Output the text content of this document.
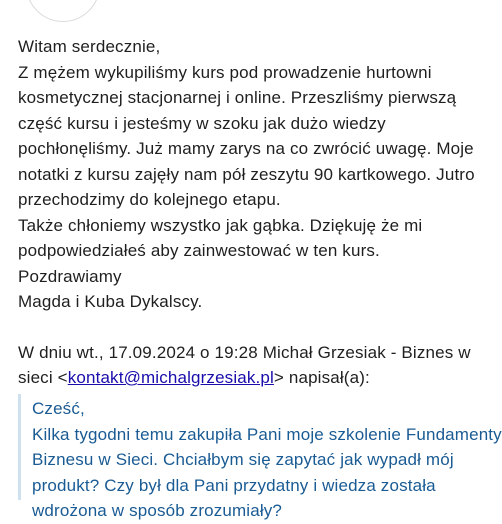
Witam serdecznie,
Z mężem wykupiliśmy kurs pod prowadzenie hurtowni
kosmetycznej stacjonarnej i online. Przeszliśmy pierwszą
część kursu i jesteśmy w szoku jak dużo wiedzy
pochłonęliśmy. Już mamy zarys na co zwrócić uwagę. Moje
notatki z kursu zajęły nam pół zeszytu 90 kartkowego. Jutro
przechodzimy do kolejnego etapu.
Także chłoniemy wszystko jak gąbka. Dziękuję że mi
podpowiedziałeś aby zainwestować w ten kurs.
Pozdrawiamy
Magda i Kuba Dykalscy.
W dniu wt., 17.09.2024 o 19:28 Michał Grzesiak - Biznes w
sieci <kontakt@michalgrzesiak.pl> napisał(a):
Cześć,
Kilka tygodni temu zakupiła Pani moje szkolenie Fundamenty
Biznesu w Sieci. Chciałbym się zapytać jak wypadł mój
produkt? Czy był dla Pani przydatny i wiedza została
wdrożona w sposób zrozumiały?
